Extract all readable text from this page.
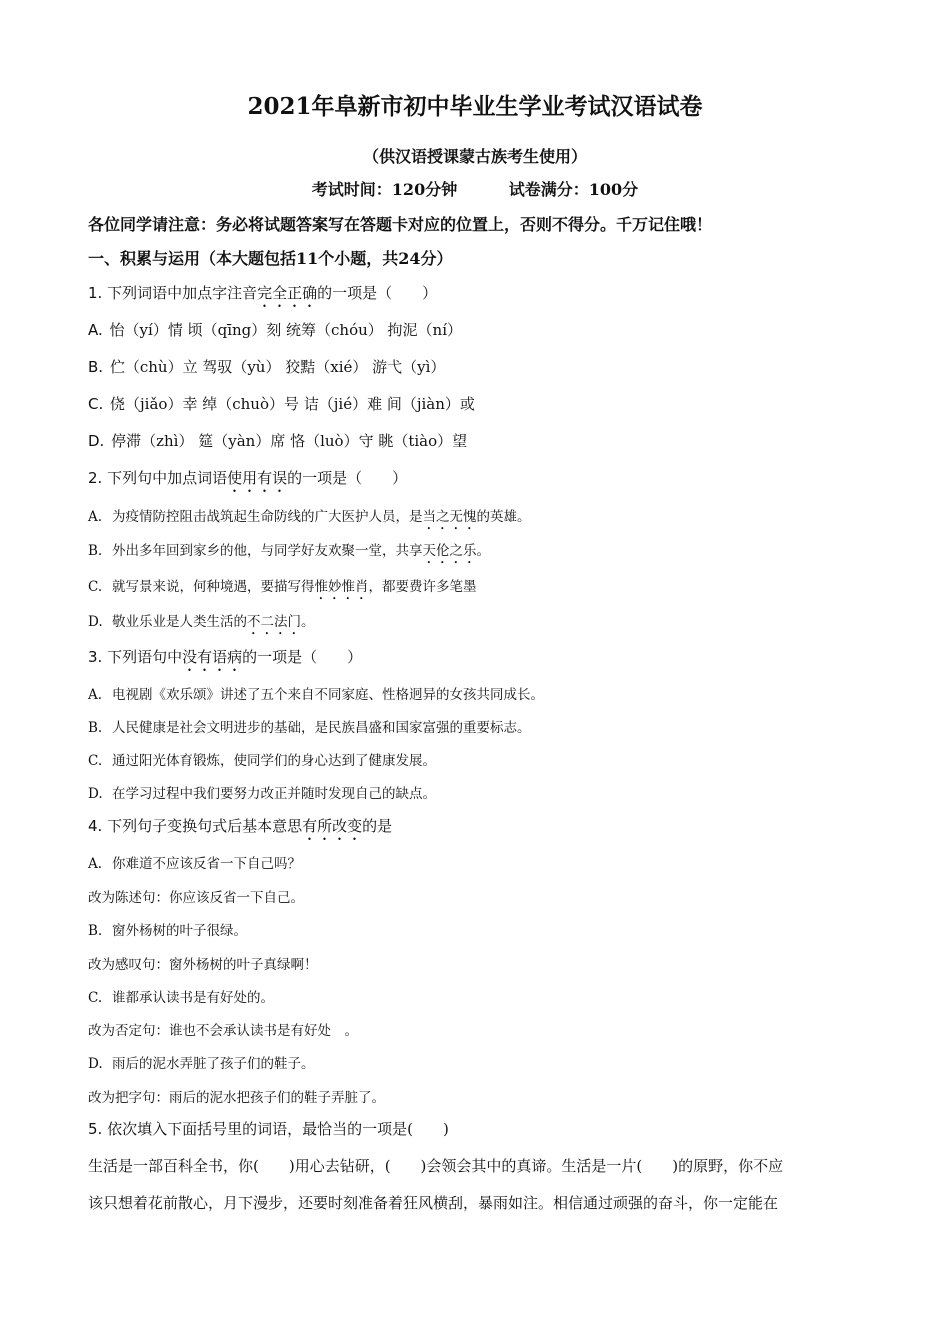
2021年阜新市初中毕业生学业考试汉语试卷
（供汉语授课蒙古族考生使用）
考试时间：120分钟	试卷满分：100分
各位同学请注意：务必将试题答案写在答题卡对应的位置上，否则不得分。千万记住哦！
一、积累与运用（本大题包括11个小题，共24分）
1. 下列词语中加点字注音完全正确的一项是（　　）
A. 怡（yí）情 顷（qīng）刻 统筹（chóu） 拘泥（ní）
B. 伫（chù）立 驾驭（yù） 狡黠（xié） 游弋（yì）
C. 侥（jiǎo）幸 绰（chuò）号 诘（jié）难 间（jiàn）或
D. 停滞（zhì） 筵（yàn）席 恪（luò）守 眺（tiào）望
2. 下列句中加点词语使用有误的一项是（　　）
A. 为疫情防控阻击战筑起生命防线的广大医护人员，是当之无愧的英雄。
B. 外出多年回到家乡的他，与同学好友欢聚一堂，共享天伦之乐。
C. 就写景来说，何种境遇，要描写得惟妙惟肖，都要费许多笔墨
D. 敬业乐业是人类生活的不二法门。
3. 下列语句中没有语病的一项是（　　）
A. 电视剧《欢乐颂》讲述了五个来自不同家庭、性格迥异的女孩共同成长。
B. 人民健康是社会文明进步的基础，是民族昌盛和国家富强的重要标志。
C. 通过阳光体育锻炼，使同学们的身心达到了健康发展。
D. 在学习过程中我们要努力改正并随时发现自己的缺点。
4. 下列句子变换句式后基本意思有所改变的是
A. 你难道不应该反省一下自己吗？
改为陈述句：你应该反省一下自己。
B. 窗外杨树的叶子很绿。
改为感叹句：窗外杨树的叶子真绿啊！
C. 谁都承认读书是有好处的。
改为否定句：谁也不会承认读书是有好处　。
D. 雨后的泥水弄脏了孩子们的鞋子。
改为把字句：雨后的泥水把孩子们的鞋子弄脏了。
5. 依次填入下面括号里的词语，最恰当的一项是(　　)
生活是一部百科全书，你(　　)用心去钻研，(　　)会领会其中的真谛。生活是一片(　　)的原野，你不应
该只想着花前散心，月下漫步，还要时刻准备着狂风横刮，暴雨如注。相信通过顽强的奋斗，你一定能在
